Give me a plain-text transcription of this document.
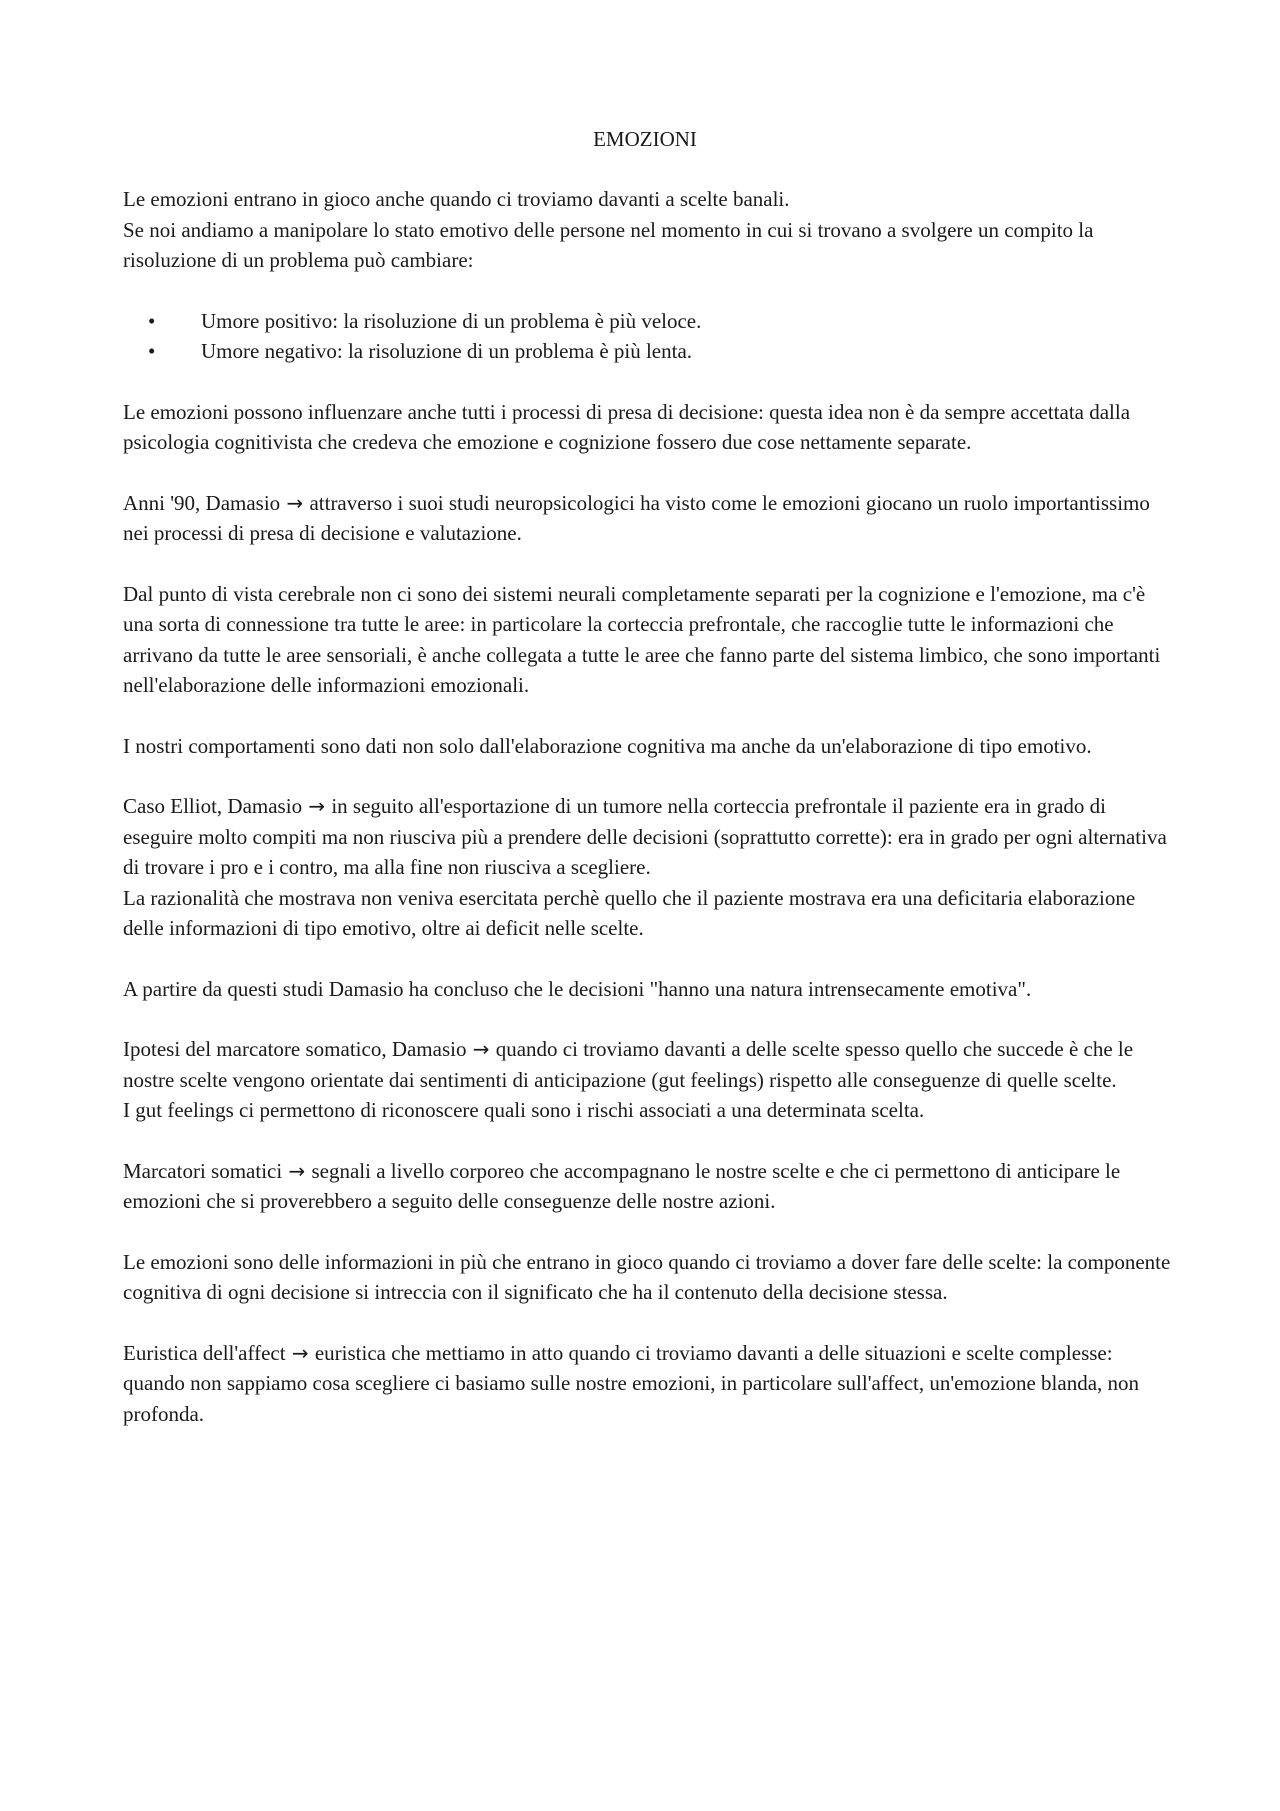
EMOZIONI

Le emozioni entrano in gioco anche quando ci troviamo davanti a scelte banali.
Se noi andiamo a manipolare lo stato emotivo delle persone nel momento in cui si trovano a svolgere un compito la risoluzione di un problema può cambiare:

• Umore positivo: la risoluzione di un problema è più veloce.
• Umore negativo: la risoluzione di un problema è più lenta.

Le emozioni possono influenzare anche tutti i processi di presa di decisione: questa idea non è da sempre accettata dalla psicologia cognitivista che credeva che emozione e cognizione fossero due cose nettamente separate.

Anni '90, Damasio → attraverso i suoi studi neuropsicologici ha visto come le emozioni giocano un ruolo importantissimo nei processi di presa di decisione e valutazione.

Dal punto di vista cerebrale non ci sono dei sistemi neurali completamente separati per la cognizione e l'emozione, ma c'è una sorta di connessione tra tutte le aree: in particolare la corteccia prefrontale, che raccoglie tutte le informazioni che arrivano da tutte le aree sensoriali, è anche collegata a tutte le aree che fanno parte del sistema limbico, che sono importanti nell'elaborazione delle informazioni emozionali.

I nostri comportamenti sono dati non solo dall'elaborazione cognitiva ma anche da un'elaborazione di tipo emotivo.

Caso Elliot, Damasio → in seguito all'esportazione di un tumore nella corteccia prefrontale il paziente era in grado di eseguire molto compiti ma non riusciva più a prendere delle decisioni (soprattutto corrette): era in grado per ogni alternativa di trovare i pro e i contro, ma alla fine non riusciva a scegliere.
La razionalità che mostrava non veniva esercitata perchè quello che il paziente mostrava era una deficitaria elaborazione delle informazioni di tipo emotivo, oltre ai deficit nelle scelte.

A partire da questi studi Damasio ha concluso che le decisioni "hanno una natura intrensecamente emotiva".

Ipotesi del marcatore somatico, Damasio → quando ci troviamo davanti a delle scelte spesso quello che succede è che le nostre scelte vengono orientate dai sentimenti di anticipazione (gut feelings) rispetto alle conseguenze di quelle scelte.
I gut feelings ci permettono di riconoscere quali sono i rischi associati a una determinata scelta.

Marcatori somatici → segnali a livello corporeo che accompagnano le nostre scelte e che ci permettono di anticipare le emozioni che si proverebbero a seguito delle conseguenze delle nostre azioni.

Le emozioni sono delle informazioni in più che entrano in gioco quando ci troviamo a dover fare delle scelte: la componente cognitiva di ogni decisione si intreccia con il significato che ha il contenuto della decisione stessa.

Euristica dell'affect → euristica che mettiamo in atto quando ci troviamo davanti a delle situazioni e scelte complesse: quando non sappiamo cosa scegliere ci basiamo sulle nostre emozioni, in particolare sull'affect, un'emozione blanda, non profonda.
